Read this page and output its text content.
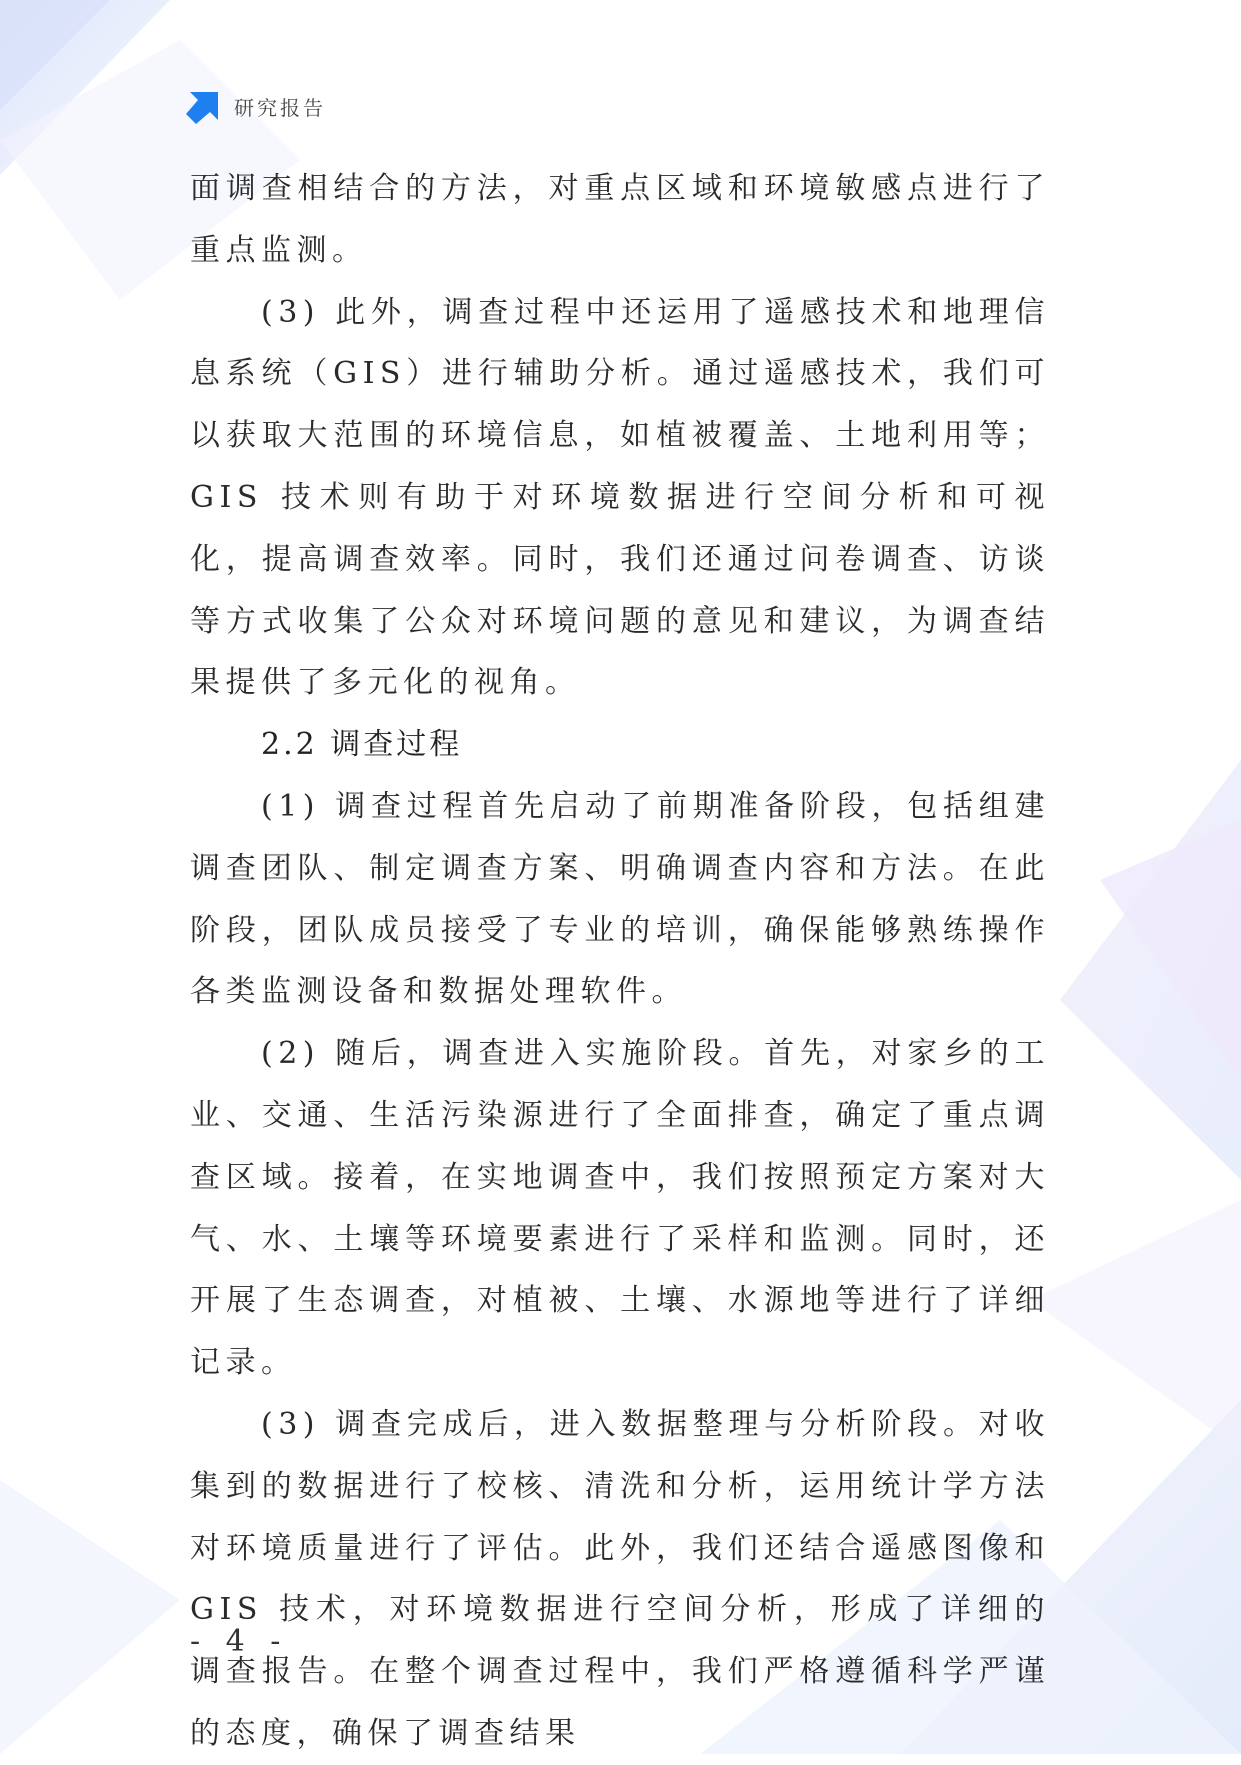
研究报告

面调查相结合的方法，对重点区域和环境敏感点进行了重点监测。

(3) 此外，调查过程中还运用了遥感技术和地理信息系统（GIS）进行辅助分析。通过遥感技术，我们可以获取大范围的环境信息，如植被覆盖、土地利用等；GIS 技术则有助于对环境数据进行空间分析和可视化，提高调查效率。同时，我们还通过问卷调查、访谈等方式收集了公众对环境问题的意见和建议，为调查结果提供了多元化的视角。

2.2 调查过程

(1) 调查过程首先启动了前期准备阶段，包括组建调查团队、制定调查方案、明确调查内容和方法。在此阶段，团队成员接受了专业的培训，确保能够熟练操作各类监测设备和数据处理软件。

(2) 随后，调查进入实施阶段。首先，对家乡的工业、交通、生活污染源进行了全面排查，确定了重点调查区域。接着，在实地调查中，我们按照预定方案对大气、水、土壤等环境要素进行了采样和监测。同时，还开展了生态调查，对植被、土壤、水源地等进行了详细记录。

(3) 调查完成后，进入数据整理与分析阶段。对收集到的数据进行了校核、清洗和分析，运用统计学方法对环境质量进行了评估。此外，我们还结合遥感图像和 GIS 技术，对环境数据进行空间分析，形成了详细的调查报告。在整个调查过程中，我们严格遵循科学严谨的态度，确保了调查结果

- 4 -
